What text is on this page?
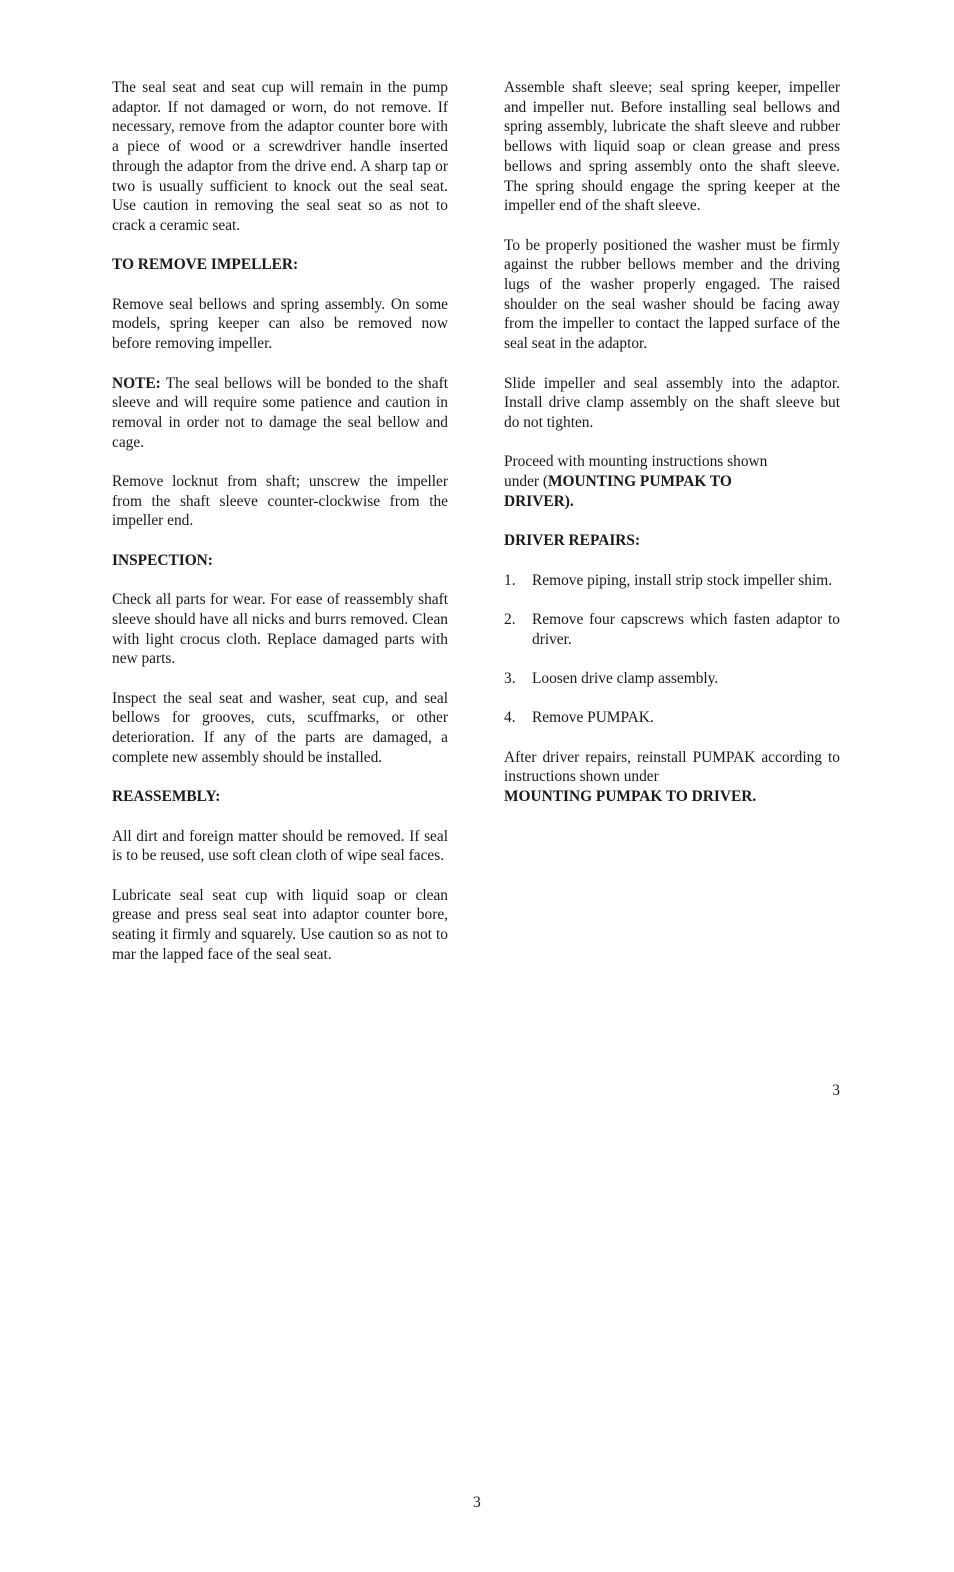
The seal seat and seat cup will remain in the pump adaptor. If not damaged or worn, do not remove. If necessary, remove from the adaptor counter bore with a piece of wood or a screwdriver handle inserted through the adaptor from the drive end. A sharp tap or two is usually sufficient to knock out the seal seat. Use caution in removing the seal seat so as not to crack a ceramic seat.

TO REMOVE IMPELLER:

Remove seal bellows and spring assembly. On some models, spring keeper can also be removed now before removing impeller.

NOTE: The seal bellows will be bonded to the shaft sleeve and will require some patience and caution in removal in order not to damage the seal bellow and cage.

Remove locknut from shaft; unscrew the impeller from the shaft sleeve counter-clockwise from the impeller end.

INSPECTION:

Check all parts for wear. For ease of reassembly shaft sleeve should have all nicks and burrs removed. Clean with light crocus cloth. Replace damaged parts with new parts.

Inspect the seal seat and washer, seat cup, and seal bellows for grooves, cuts, scuffmarks, or other deterioration. If any of the parts are damaged, a complete new assembly should be installed.

REASSEMBLY:

All dirt and foreign matter should be removed. If seal is to be reused, use soft clean cloth of wipe seal faces.

Lubricate seal seat cup with liquid soap or clean grease and press seal seat into adaptor counter bore, seating it firmly and squarely. Use caution so as not to mar the lapped face of the seal seat.

Assemble shaft sleeve; seal spring keeper, impeller and impeller nut. Before installing seal bellows and spring assembly, lubricate the shaft sleeve and rubber bellows with liquid soap or clean grease and press bellows and spring assembly onto the shaft sleeve. The spring should engage the spring keeper at the impeller end of the shaft sleeve.

To be properly positioned the washer must be firmly against the rubber bellows member and the driving lugs of the washer properly engaged. The raised shoulder on the seal washer should be facing away from the impeller to contact the lapped surface of the seal seat in the adaptor.

Slide impeller and seal assembly into the adaptor. Install drive clamp assembly on the shaft sleeve but do not tighten.

Proceed with mounting instructions shown
under (MOUNTING PUMPAK TO
DRIVER).

DRIVER REPAIRS:
1.	Remove piping, install strip stock impeller shim.
2.	Remove four capscrews which fasten adaptor to driver.
3.	Loosen drive clamp assembly.
4.	Remove PUMPAK.

After driver repairs, reinstall PUMPAK according to instructions shown under
MOUNTING PUMPAK TO DRIVER.

3
3
